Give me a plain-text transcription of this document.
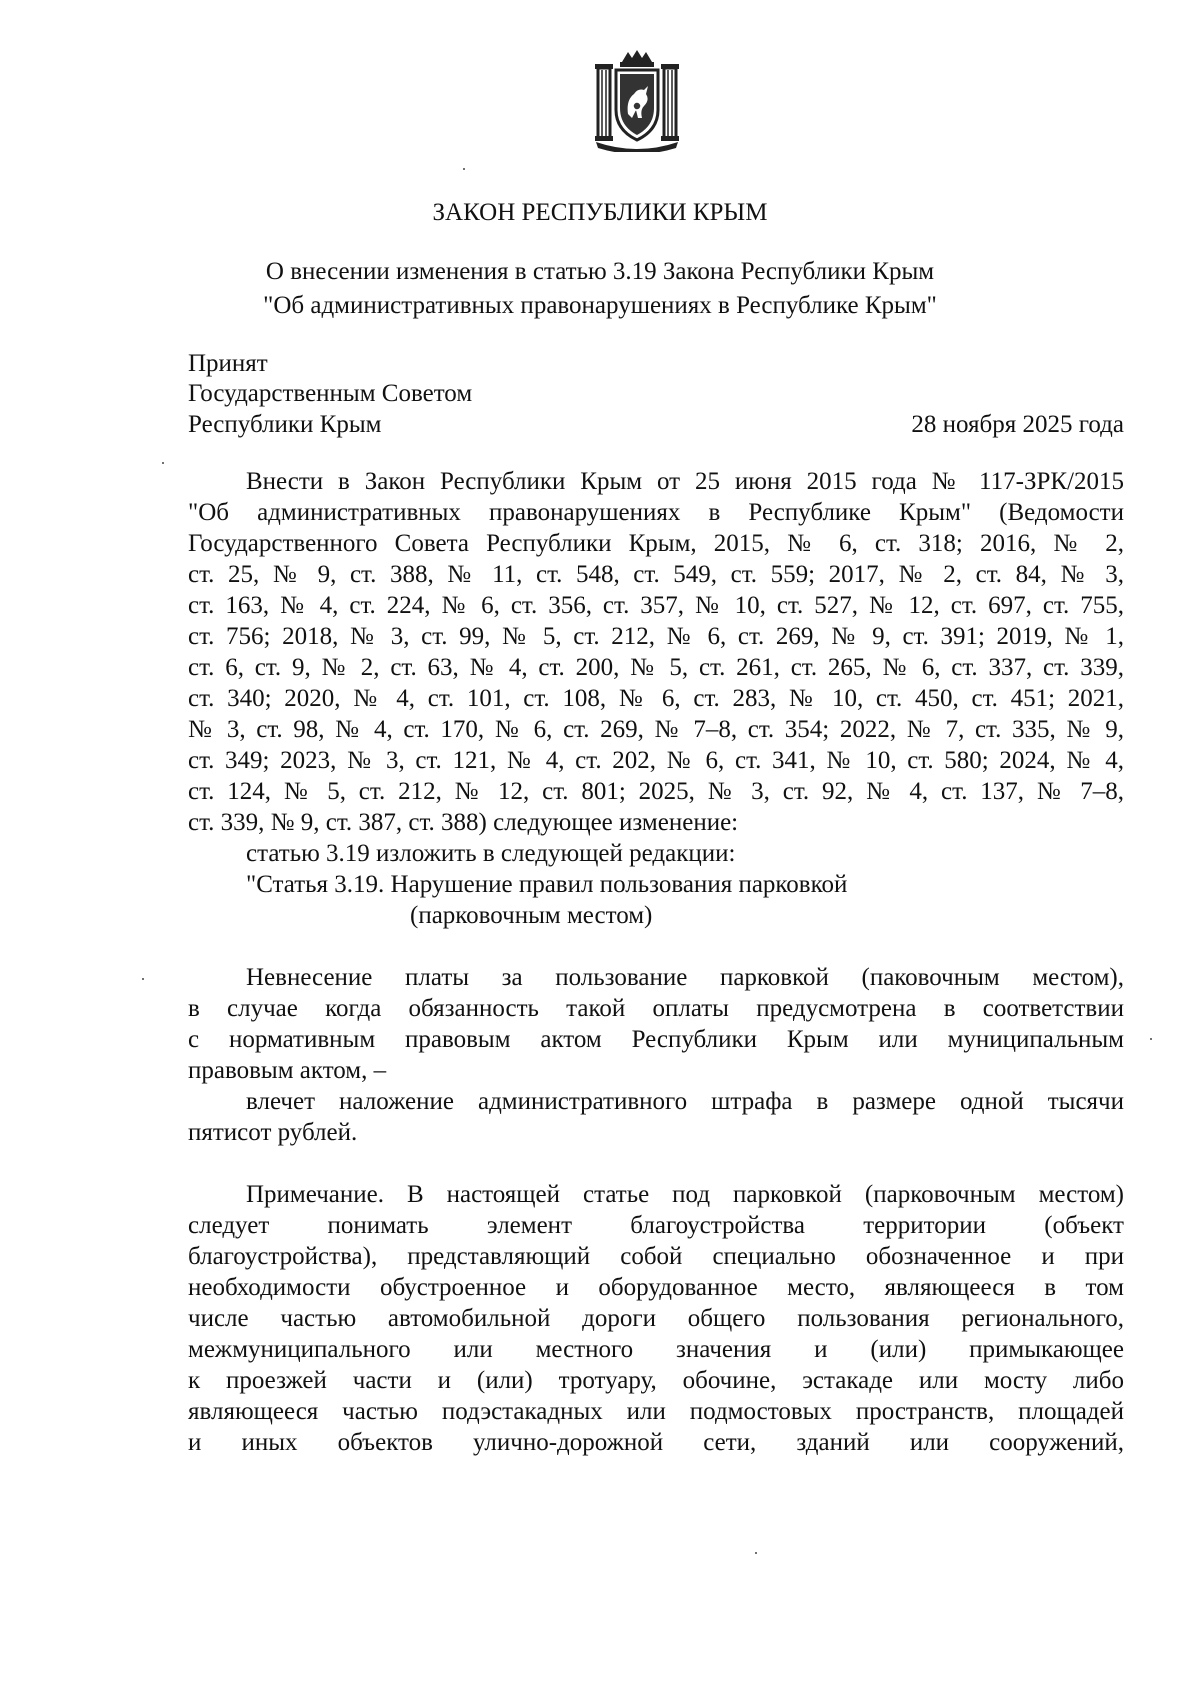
ЗАКОН РЕСПУБЛИКИ КРЫМ
О внесении изменения в статью 3.19 Закона Республики Крым
"Об административных правонарушениях в Республике Крым"
Принят
Государственным Советом
Республики Крым	28 ноября 2025 года
Внести в Закон Республики Крым от 25 июня 2015 года № 117-ЗРК/2015
"Об административных правонарушениях в Республике Крым" (Ведомости
Государственного Совета Республики Крым, 2015, № 6, ст. 318; 2016, № 2,
ст. 25, № 9, ст. 388, № 11, ст. 548, ст. 549, ст. 559; 2017, № 2, ст. 84, № 3,
ст. 163, № 4, ст. 224, № 6, ст. 356, ст. 357, № 10, ст. 527, № 12, ст. 697, ст. 755,
ст. 756; 2018, № 3, ст. 99, № 5, ст. 212, № 6, ст. 269, № 9, ст. 391; 2019, № 1,
ст. 6, ст. 9, № 2, ст. 63, № 4, ст. 200, № 5, ст. 261, ст. 265, № 6, ст. 337, ст. 339,
ст. 340; 2020, № 4, ст. 101, ст. 108, № 6, ст. 283, № 10, ст. 450, ст. 451; 2021,
№ 3, ст. 98, № 4, ст. 170, № 6, ст. 269, № 7–8, ст. 354; 2022, № 7, ст. 335, № 9,
ст. 349; 2023, № 3, ст. 121, № 4, ст. 202, № 6, ст. 341, № 10, ст. 580; 2024, № 4,
ст. 124, № 5, ст. 212, № 12, ст. 801; 2025, № 3, ст. 92, № 4, ст. 137, № 7–8,
ст. 339, № 9, ст. 387, ст. 388) следующее изменение:
статью 3.19 изложить в следующей редакции:
"Статья 3.19. Нарушение правил пользования парковкой
(парковочным местом)
Невнесение платы за пользование парковкой (паковочным местом),
в случае когда обязанность такой оплаты предусмотрена в соответствии
с нормативным правовым актом Республики Крым или муниципальным
правовым актом, –
влечет наложение административного штрафа в размере одной тысячи
пятисот рублей.
Примечание. В настоящей статье под парковкой (парковочным местом)
следует понимать элемент благоустройства территории (объект
благоустройства), представляющий собой специально обозначенное и при
необходимости обустроенное и оборудованное место, являющееся в том
числе частью автомобильной дороги общего пользования регионального,
межмуниципального или местного значения и (или) примыкающее
к проезжей части и (или) тротуару, обочине, эстакаде или мосту либо
являющееся частью подэстакадных или подмостовых пространств, площадей
и иных объектов улично-дорожной сети, зданий или сооружений,
